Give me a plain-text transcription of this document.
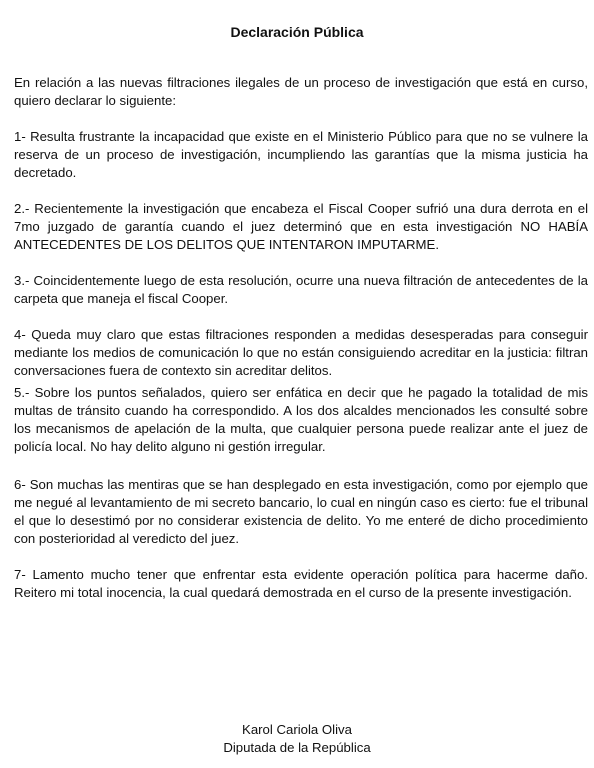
Declaración Pública

En relación a las nuevas filtraciones ilegales de un proceso de investigación que está en curso, quiero declarar lo siguiente:

1- Resulta frustrante la incapacidad que existe en el Ministerio Público para que no se vulnere la reserva de un proceso de investigación, incumpliendo las garantías que la misma justicia ha decretado.

2.- Recientemente la investigación que encabeza el Fiscal Cooper sufrió una dura derrota en el 7mo juzgado de garantía cuando el juez determinó que en esta investigación NO HABÍA ANTECEDENTES DE LOS DELITOS QUE INTENTARON IMPUTARME.

3.- Coincidentemente luego de esta resolución, ocurre una nueva filtración de antecedentes de la carpeta que maneja el fiscal Cooper.

4- Queda muy claro que estas filtraciones responden a medidas desesperadas para conseguir mediante los medios de comunicación lo que no están consiguiendo acreditar en la justicia: filtran conversaciones fuera de contexto sin acreditar delitos.

5.- Sobre los puntos señalados, quiero ser enfática en decir que he pagado la totalidad de mis multas de tránsito cuando ha correspondido. A los dos alcaldes mencionados les consulté sobre los mecanismos de apelación de la multa, que cualquier persona puede realizar ante el juez de policía local. No hay delito alguno ni gestión irregular.

6- Son muchas las mentiras que se han desplegado en esta investigación, como por ejemplo que me negué al levantamiento de mi secreto bancario, lo cual en ningún caso es cierto: fue el tribunal el que lo desestimó por no considerar existencia de delito. Yo me enteré de dicho procedimiento con posterioridad al veredicto del juez.

7- Lamento mucho tener que enfrentar esta evidente operación política para hacerme daño. Reitero mi total inocencia, la cual quedará demostrada en el curso de la presente investigación.

Karol Cariola Oliva
Diputada de la República
